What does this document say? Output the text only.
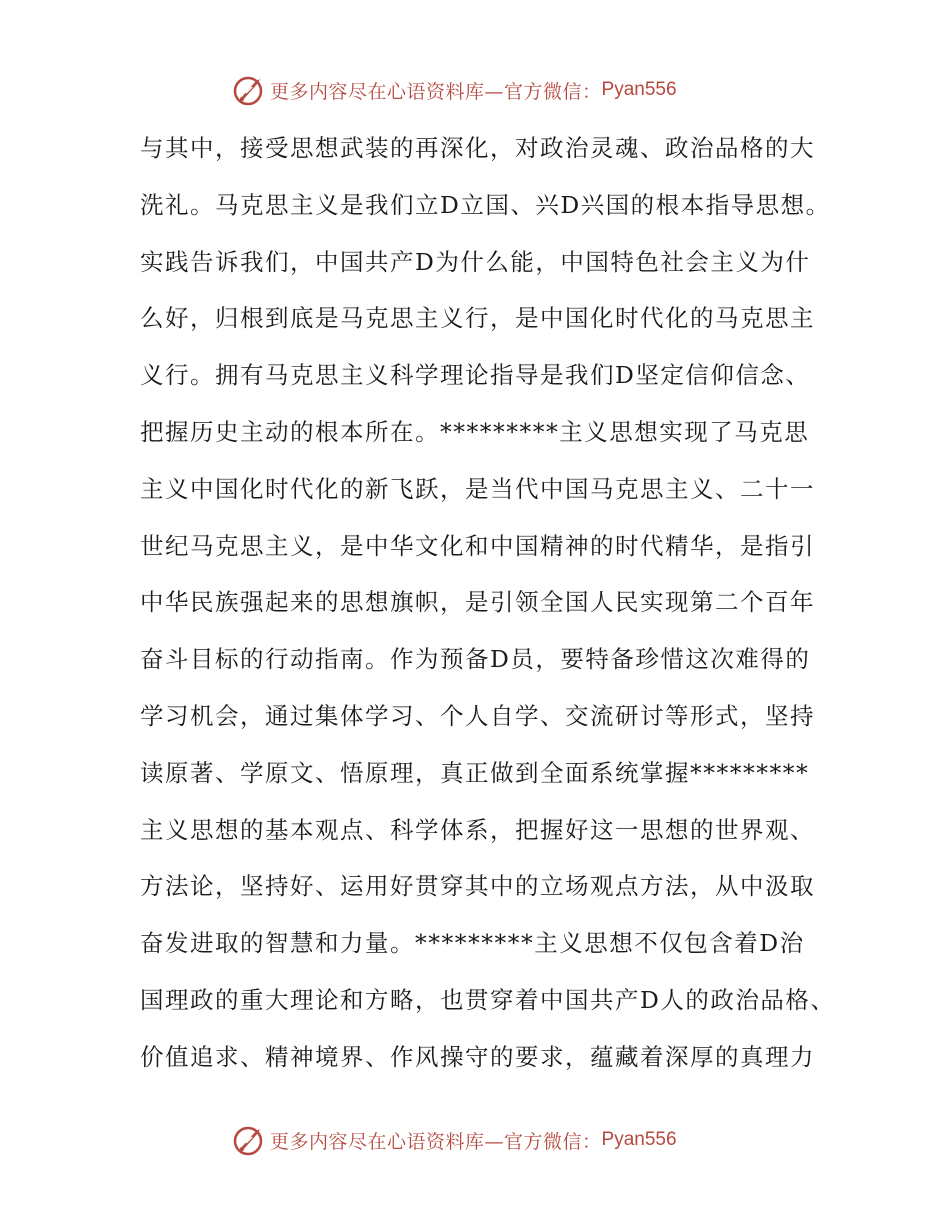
更多内容尽在心语资料库—官方微信： Pyan556
与其中，接受思想武装的再深化，对政治灵魂、政治品格的大
洗礼。马克思主义是我们立D立国、兴D兴国的根本指导思想。
实践告诉我们，中国共产D为什么能，中国特色社会主义为什
么好，归根到底是马克思主义行，是中国化时代化的马克思主
义行。拥有马克思主义科学理论指导是我们D坚定信仰信念、
把握历史主动的根本所在。*********主义思想实现了马克思
主义中国化时代化的新飞跃，是当代中国马克思主义、二十一
世纪马克思主义，是中华文化和中国精神的时代精华，是指引
中华民族强起来的思想旗帜，是引领全国人民实现第二个百年
奋斗目标的行动指南。作为预备D员，要特备珍惜这次难得的
学习机会，通过集体学习、个人自学、交流研讨等形式，坚持
读原著、学原文、悟原理，真正做到全面系统掌握*********
主义思想的基本观点、科学体系，把握好这一思想的世界观、
方法论，坚持好、运用好贯穿其中的立场观点方法，从中汲取
奋发进取的智慧和力量。*********主义思想不仅包含着D治
国理政的重大理论和方略，也贯穿着中国共产D人的政治品格、
价值追求、精神境界、作风操守的要求，蕴藏着深厚的真理力
更多内容尽在心语资料库—官方微信： Pyan556
